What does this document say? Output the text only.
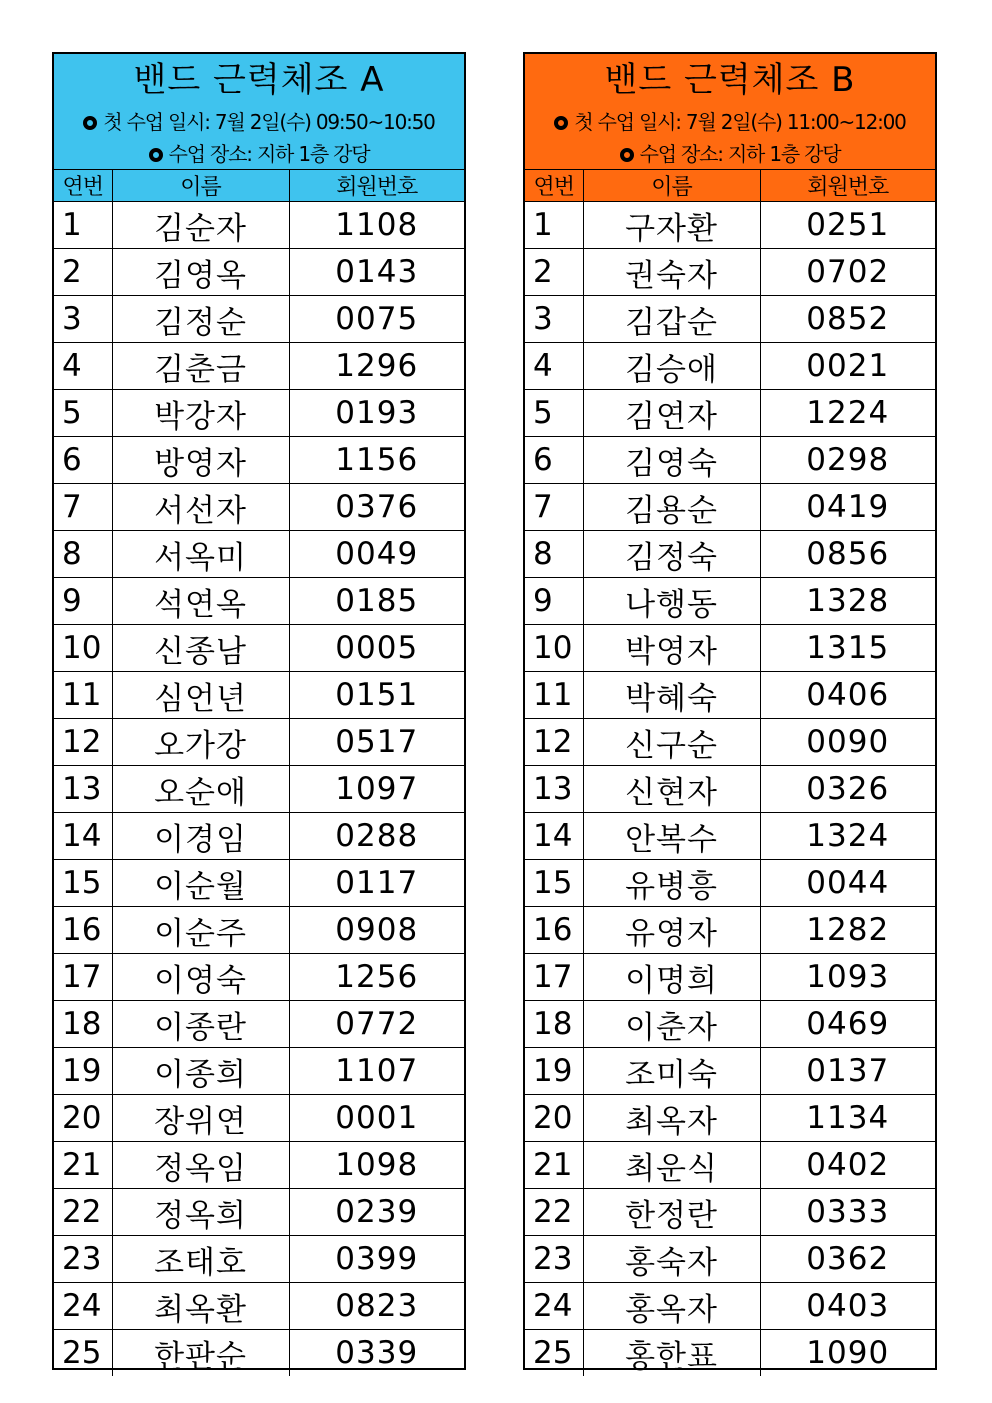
밴드 근력체조 A
첫 수업 일시: 7월 2일(수) 09:50~10:50
수업 장소: 지하 1층 강당
연번	이름	회원번호
1	김순자	1108
2	김영옥	0143
3	김정순	0075
4	김춘금	1296
5	박강자	0193
6	방영자	1156
7	서선자	0376
8	서옥미	0049
9	석연옥	0185
10	신종남	0005
11	심언년	0151
12	오가강	0517
13	오순애	1097
14	이경임	0288
15	이순월	0117
16	이순주	0908
17	이영숙	1256
18	이종란	0772
19	이종희	1107
20	장위연	0001
21	정옥임	1098
22	정옥희	0239
23	조태호	0399
24	최옥환	0823
25	한판순	0339
밴드 근력체조 B
첫 수업 일시: 7월 2일(수) 11:00~12:00
수업 장소: 지하 1층 강당
연번	이름	회원번호
1	구자환	0251
2	권숙자	0702
3	김갑순	0852
4	김승애	0021
5	김연자	1224
6	김영숙	0298
7	김용순	0419
8	김정숙	0856
9	나행동	1328
10	박영자	1315
11	박혜숙	0406
12	신구순	0090
13	신현자	0326
14	안복수	1324
15	유병흥	0044
16	유영자	1282
17	이명희	1093
18	이춘자	0469
19	조미숙	0137
20	최옥자	1134
21	최운식	0402
22	한정란	0333
23	홍숙자	0362
24	홍옥자	0403
25	홍한표	1090
